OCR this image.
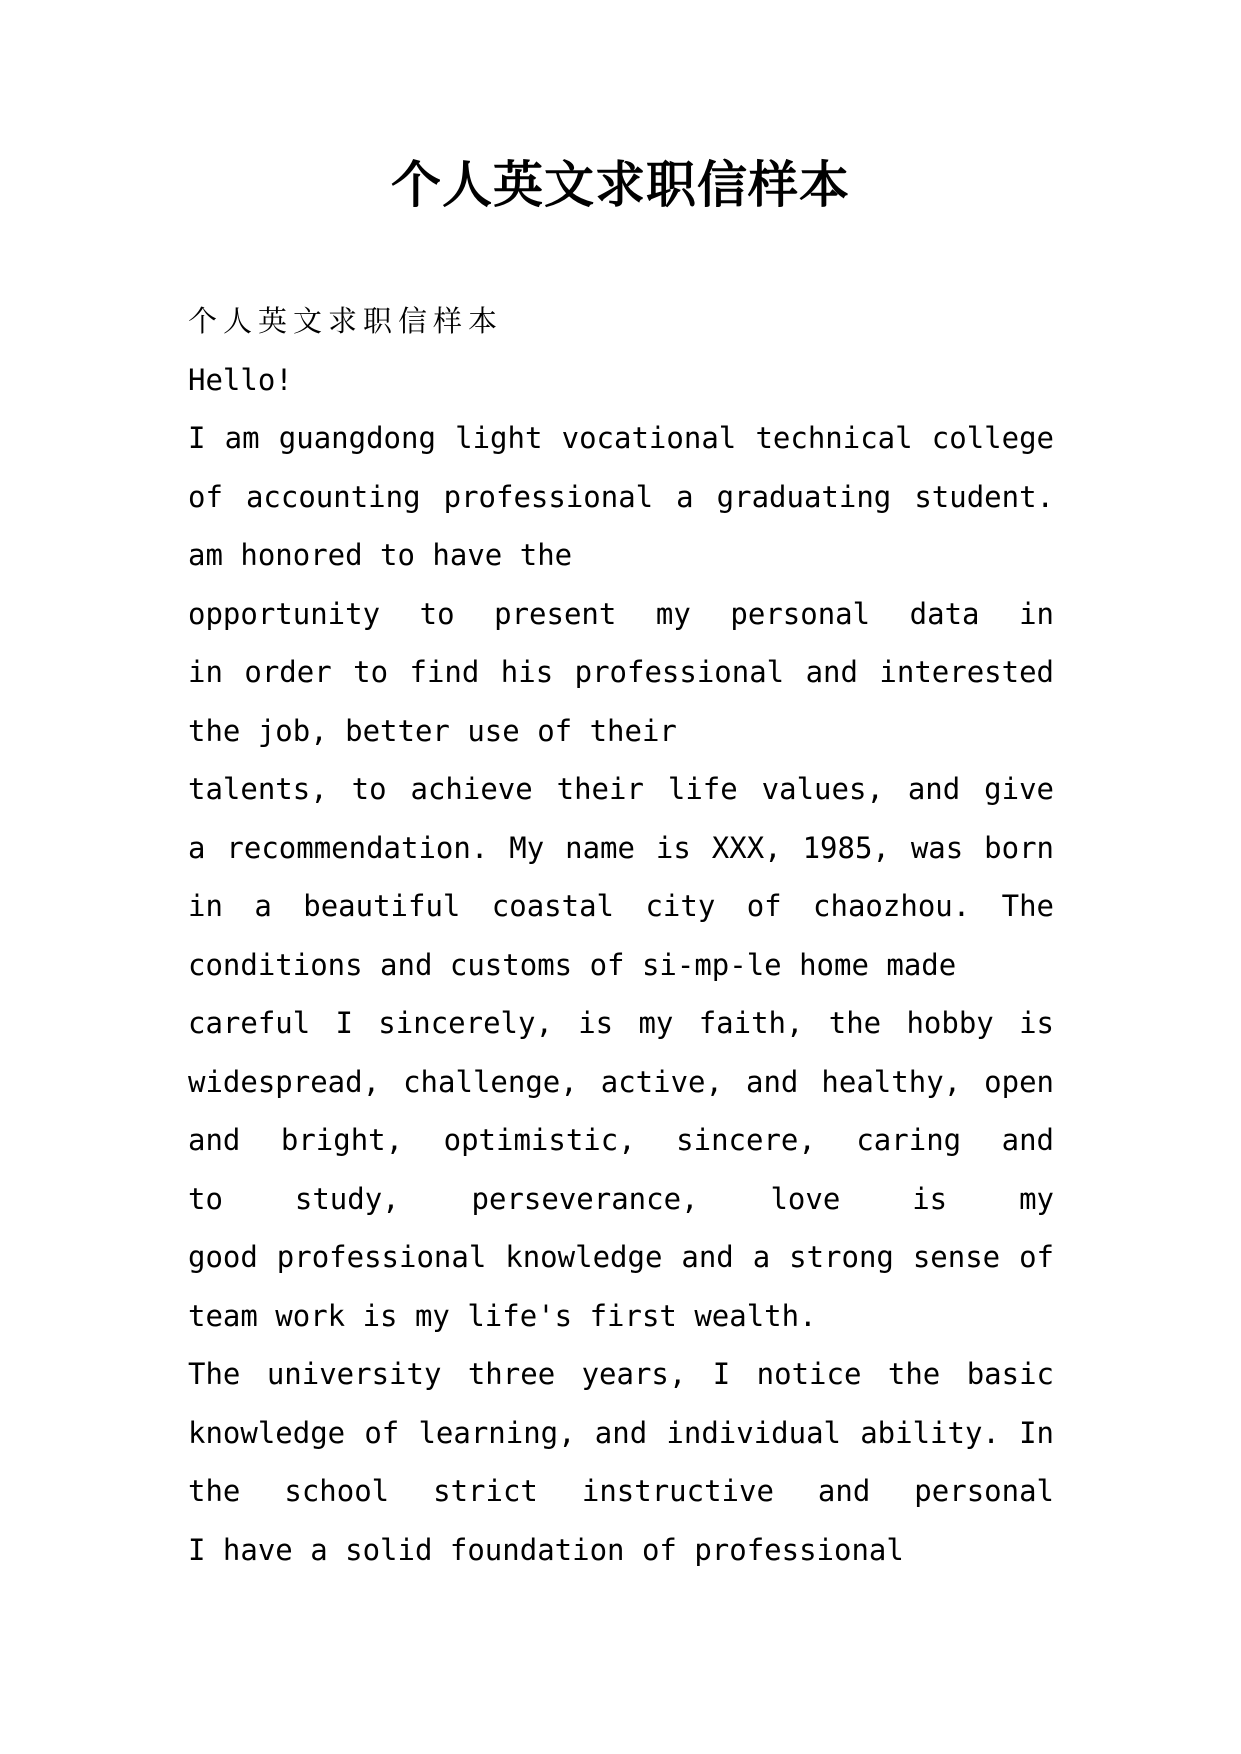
个人英文求职信样本
个人英文求职信样本
Hello!
I am guangdong light vocational technical college
of accounting professional a graduating student.
am honored to have the
opportunity to present my personal data in
in order to find his professional and interested
the job, better use of their
talents, to achieve their life values, and give
a recommendation. My name is XXX, 1985, was born
in a beautiful coastal city of chaozhou. The
conditions and customs of si-mp-le home made
careful I sincerely, is my faith, the hobby is
widespread, challenge, active, and healthy, open
and bright, optimistic, sincere, caring and
to study, perseverance, love is my
good professional knowledge and a strong sense of
team work is my life's first wealth.
The university three years, I notice the basic
knowledge of learning, and individual ability. In
the school strict instructive and personal
I have a solid foundation of professional
